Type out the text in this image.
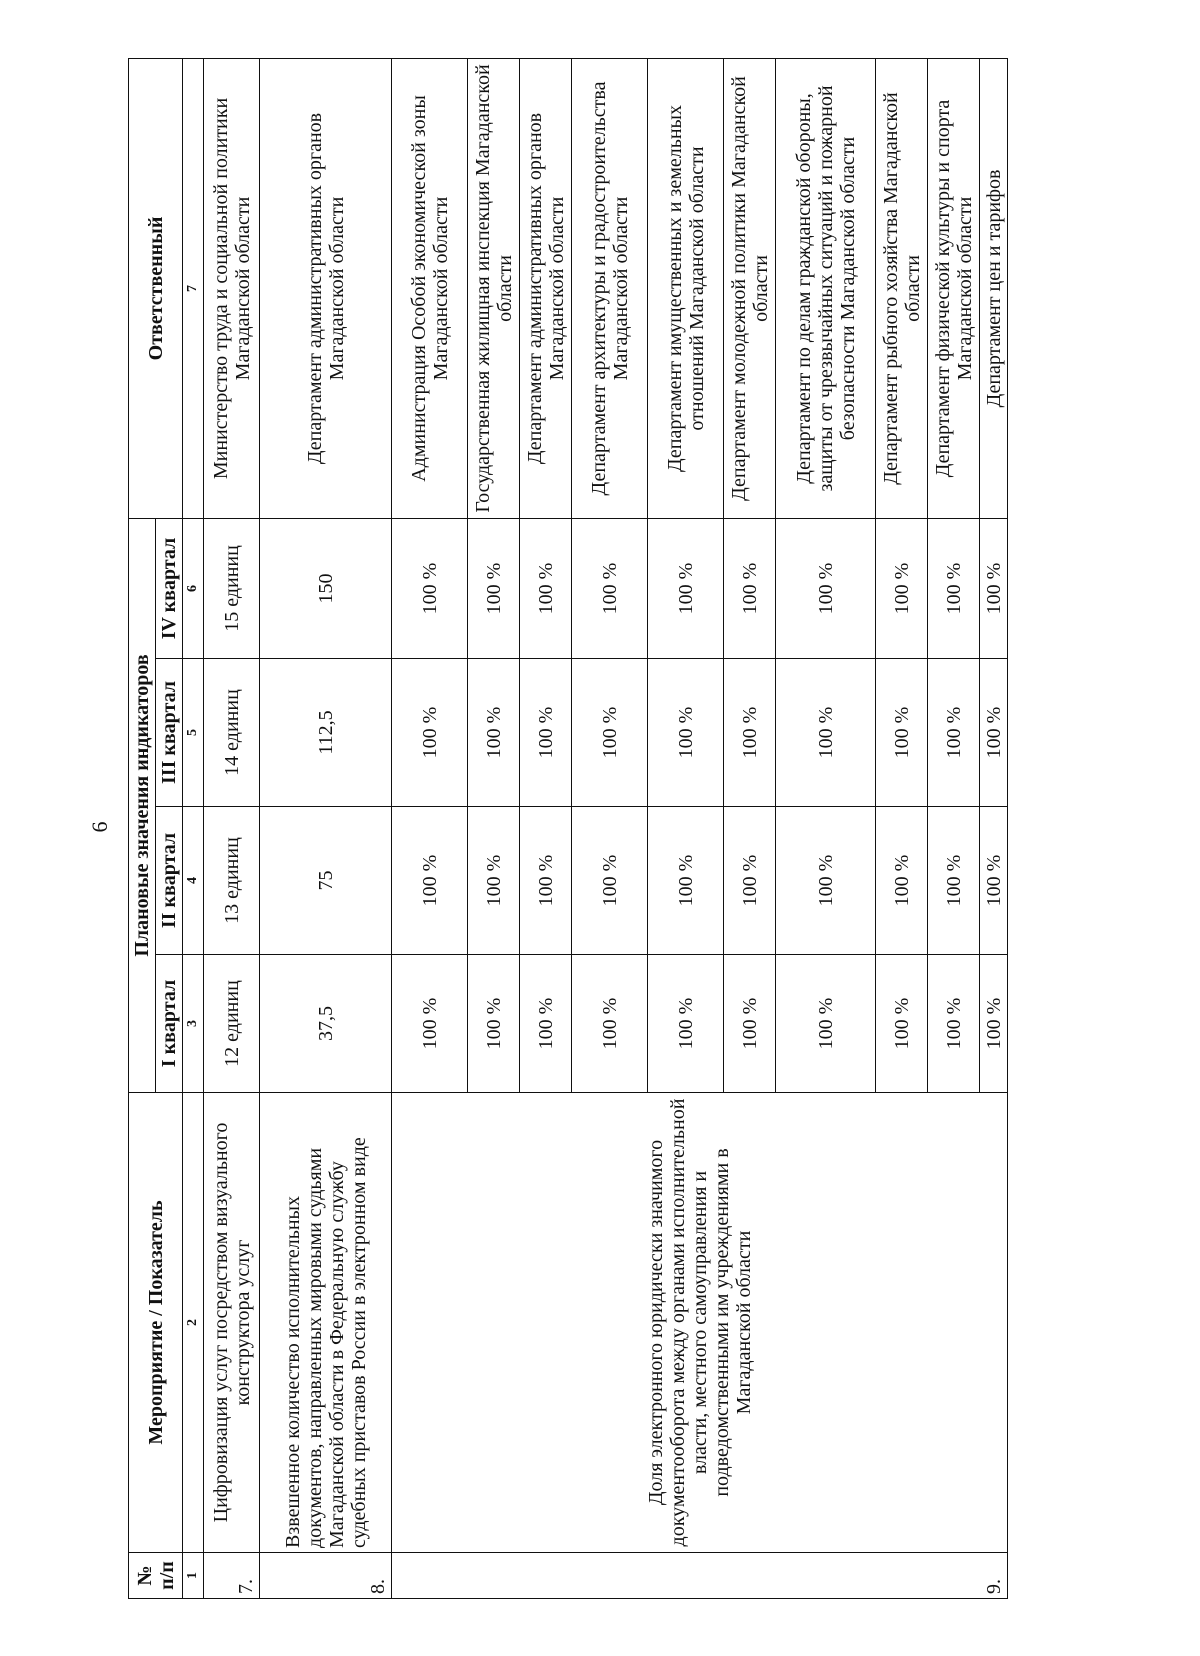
6
№
п/п	Мероприятие / Показатель	Плановые значения индикаторов				Ответственный
		I квартал	II квартал	III квартал	IV квартал	
1	2	3	4	5	6	7
7.	Цифровизация услуг посредством визуального конструктора услуг	12 единиц	13 единиц	14 единиц	15 единиц	Министерство труда и социальной политики Магаданской области
8.	Взвешенное количество исполнительных документов, направленных мировыми судьями Магаданской области в Федеральную службу судебных приставов России в электронном виде	37,5	75	112,5	150	Департамент административных органов Магаданской области
9.	Доля электронного юридически значимого документооборота между органами исполнительной власти, местного самоуправления и подведомственными им учреждениями в Магаданской области	100 %	100 %	100 %	100 %	Администрация Особой экономической зоны Магаданской области
		100 %	100 %	100 %	100 %	Государственная жилищная инспекция Магаданской области
		100 %	100 %	100 %	100 %	Департамент административных органов Магаданской области
		100 %	100 %	100 %	100 %	Департамент архитектуры и градостроительства Магаданской области
		100 %	100 %	100 %	100 %	Департамент имущественных и земельных отношений Магаданской области
		100 %	100 %	100 %	100 %	Департамент молодежной политики Магаданской области
		100 %	100 %	100 %	100 %	Департамент по делам гражданской обороны, защиты от чрезвычайных ситуаций и пожарной безопасности Магаданской области
		100 %	100 %	100 %	100 %	Департамент рыбного хозяйства Магаданской области
		100 %	100 %	100 %	100 %	Департамент физической культуры и спорта Магаданской области
		100 %	100 %	100 %	100 %	Департамент цен и тарифов
